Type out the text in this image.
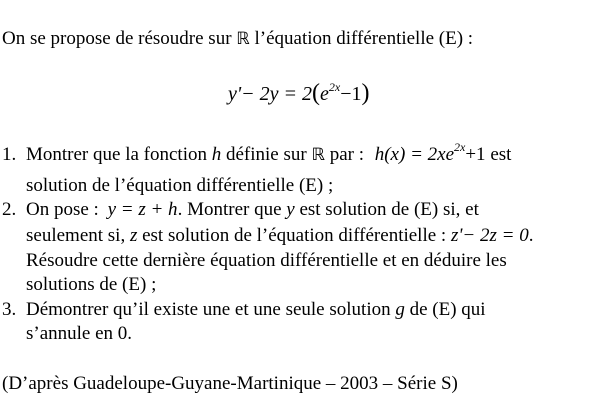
On se propose de résoudre sur ℝ l’équation différentielle (E) :
$y'- 2y = 2(e^{2x}-1)$
1. Montrer que la fonction h définie sur ℝ par : $h(x) = 2xe^{2x}+1$ est
solution de l’équation différentielle (E) ;
2. On pose : y = z + h. Montrer que y est solution de (E) si, et
seulement si, z est solution de l’équation différentielle : z'− 2z = 0.
Résoudre cette dernière équation différentielle et en déduire les
solutions de (E) ;
3. Démontrer qu’il existe une et une seule solution g de (E) qui
s’annule en 0.
(D’après Guadeloupe-Guyane-Martinique – 2003 – Série S)
